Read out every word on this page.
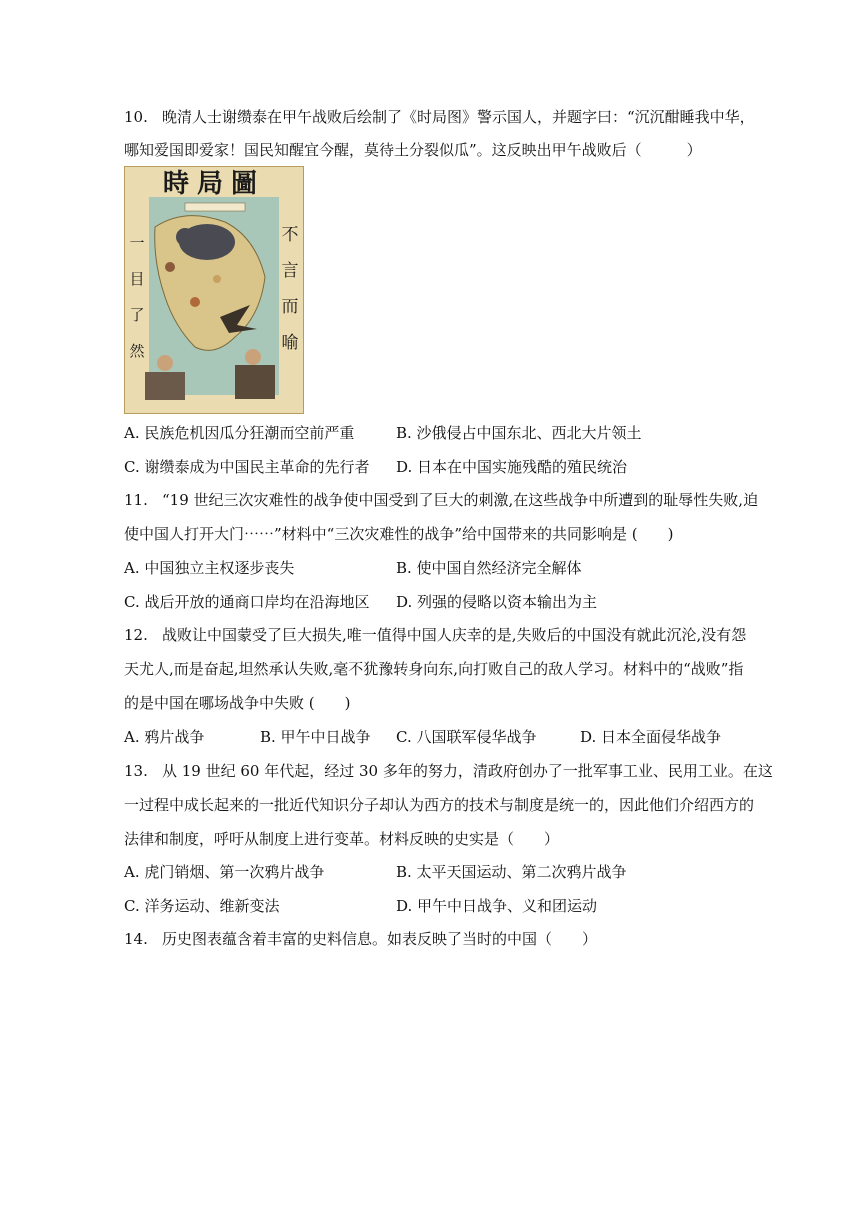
10. 晚清人士谢缵泰在甲午战败后绘制了《时局图》警示国人，并题字曰：“沉沉酣睡我中华，
哪知爱国即爱家！国民知醒宜今醒，莫待土分裂似瓜”。这反映出甲午战败后（　　　）
時局圖
一目了然
不言而喻
A. 民族危机因瓜分狂潮而空前严重	B. 沙俄侵占中国东北、西北大片领土
C. 谢缵泰成为中国民主革命的先行者 D. 日本在中国实施残酷的殖民统治
11. “19 世纪三次灾难性的战争使中国受到了巨大的刺激,在这些战争中所遭到的耻辱性失败,迫
使中国人打开大门⋯⋯”材料中“三次灾难性的战争”给中国带来的共同影响是 (　　)
A. 中国独立主权逐步丧失	B. 使中国自然经济完全解体
C. 战后开放的通商口岸均在沿海地区 D. 列强的侵略以资本输出为主
12. 战败让中国蒙受了巨大损失,唯一值得中国人庆幸的是,失败后的中国没有就此沉沦,没有怨
天尤人,而是奋起,坦然承认失败,毫不犹豫转身向东,向打败自己的敌人学习。材料中的“战败”指
的是中国在哪场战争中失败 (　　)
A. 鸦片战争	B. 甲午中日战争 C. 八国联军侵华战争	D. 日本全面侵华战争
13. 从 19 世纪 60 年代起，经过 30 多年的努力，清政府创办了一批军事工业、民用工业。在这
一过程中成长起来的一批近代知识分子却认为西方的技术与制度是统一的，因此他们介绍西方的
法律和制度，呼吁从制度上进行变革。材料反映的史实是（　　）
A. 虎门销烟、第一次鸦片战争	B. 太平天国运动、第二次鸦片战争
C. 洋务运动、维新变法	D. 甲午中日战争、义和团运动
14. 历史图表蕴含着丰富的史料信息。如表反映了当时的中国（　　）
